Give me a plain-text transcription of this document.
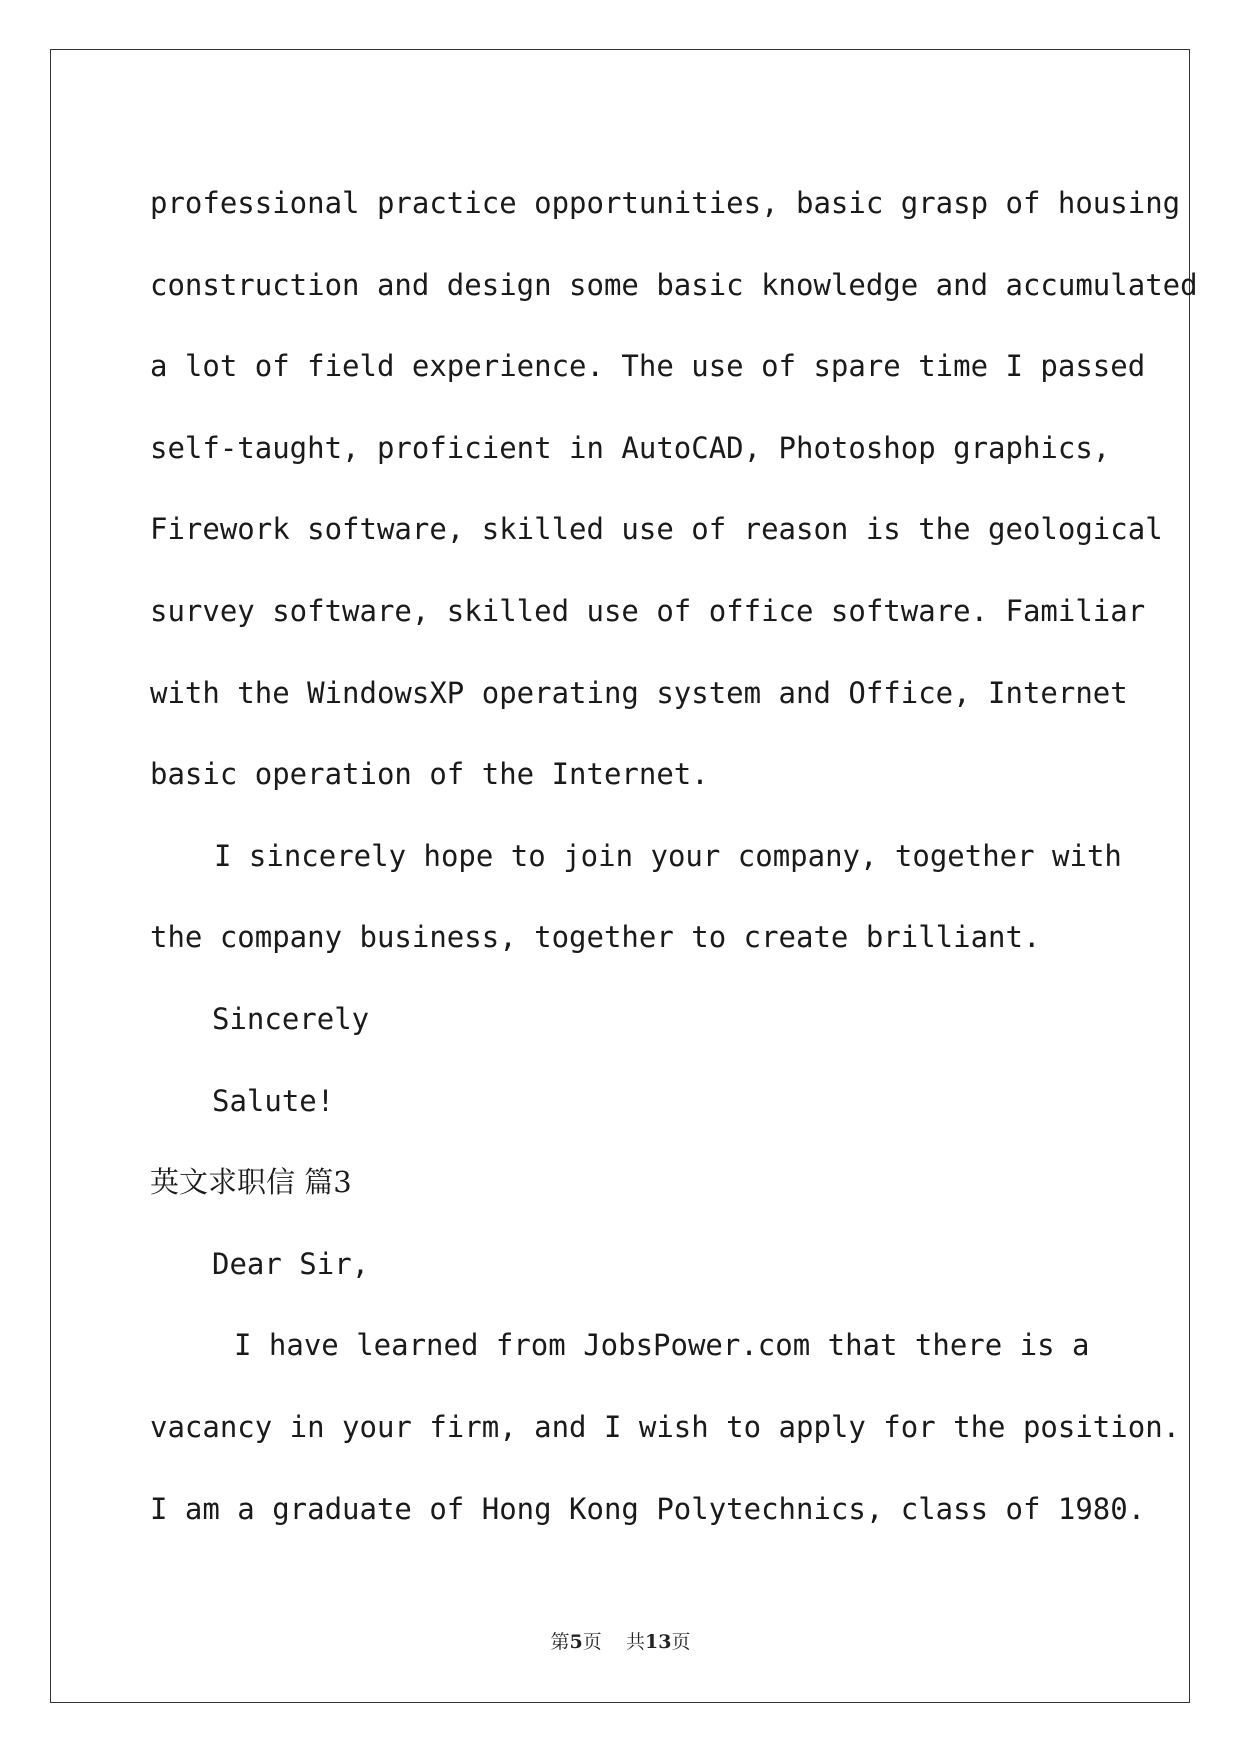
professional practice opportunities, basic grasp of housing
construction and design some basic knowledge and accumulated
a lot of field experience. The use of spare time I passed
self-taught, proficient in AutoCAD, Photoshop graphics,
Firework software, skilled use of reason is the geological
survey software, skilled use of office software. Familiar
with the WindowsXP operating system and Office, Internet
basic operation of the Internet.
I sincerely hope to join your company, together with
the company business, together to create brilliant.
Sincerely
Salute!
英文求职信 篇3
Dear Sir,
I have learned from JobsPower.com that there is a
vacancy in your firm, and I wish to apply for the position.
I am a graduate of Hong Kong Polytechnics, class of 1980.
第5页 共13页
